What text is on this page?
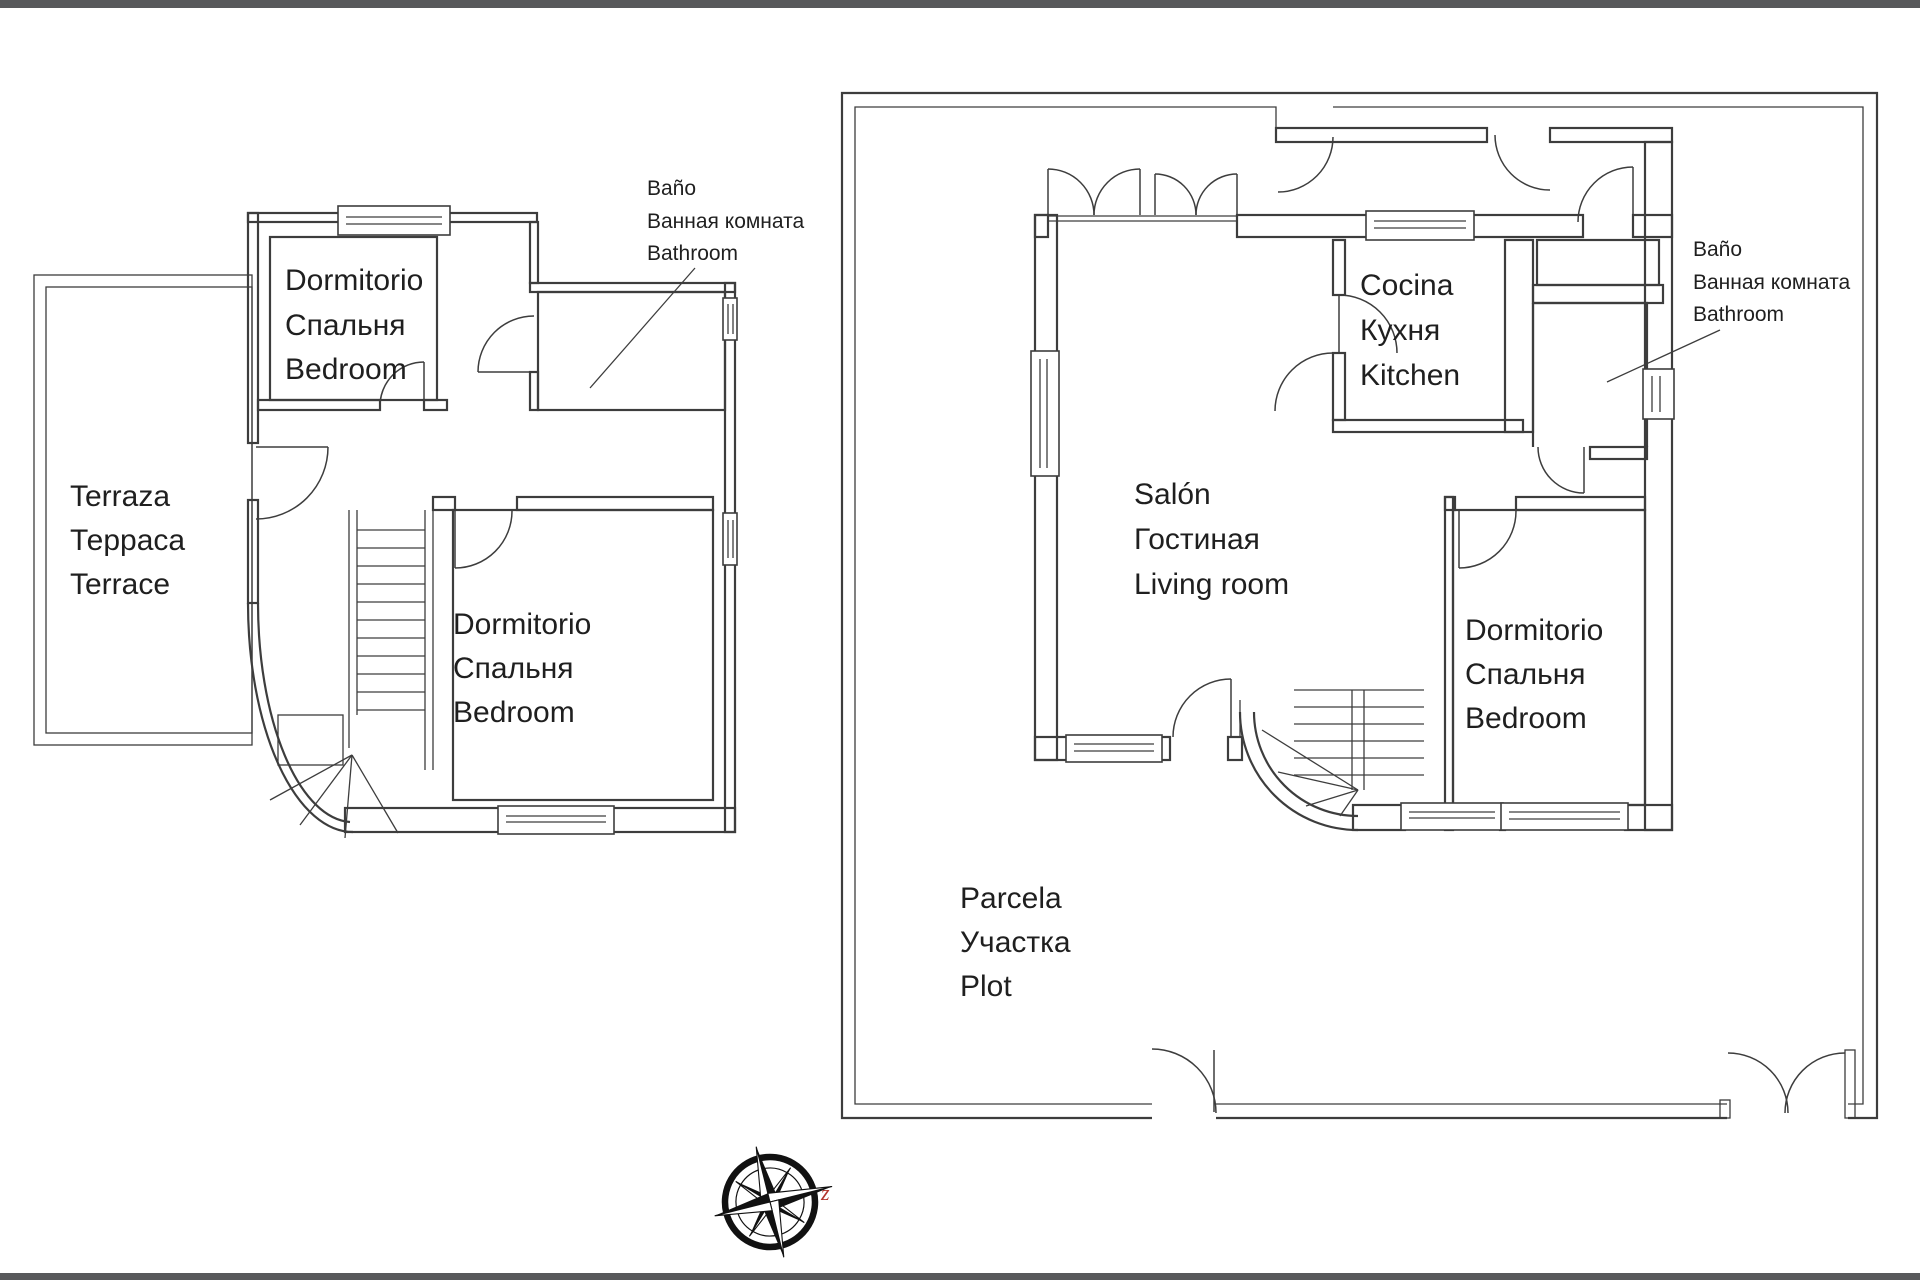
Dormitorio
Спальня
Bedroom
Terraza
Терраса
Terrace
Dormitorio
Спальня
Bedroom
Baño
Ванная комната
Bathroom
Cocina
Кухня
Kitchen
Salón
Гостиная
Living room
Dormitorio
Спальня
Bedroom
Baño
Ванная комната
Bathroom
Parcela
Участка
Plot
z
